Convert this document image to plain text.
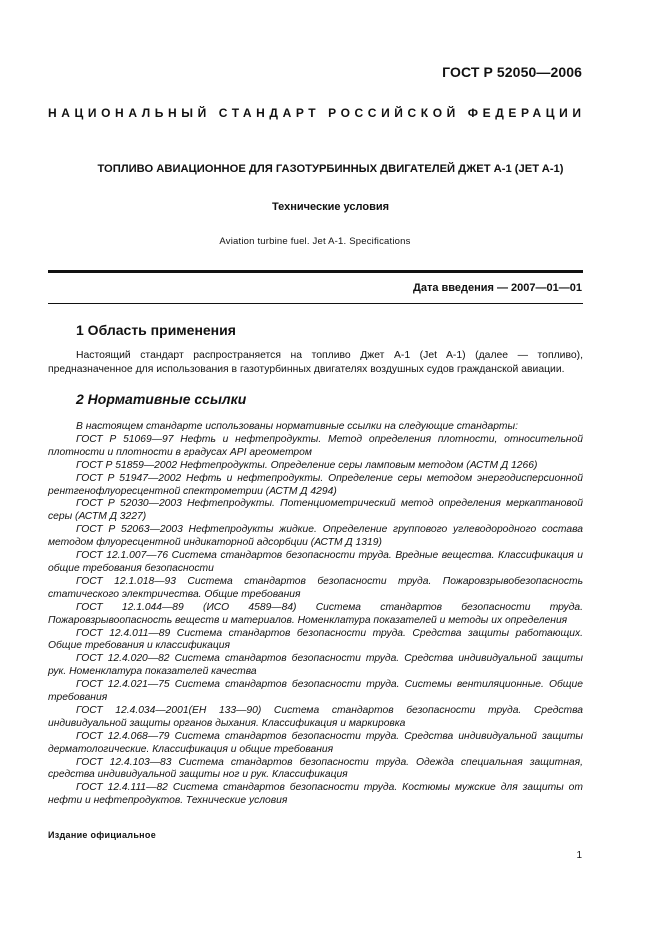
ГОСТ Р 52050—2006
НАЦИОНАЛЬНЫЙ СТАНДАРТ РОССИЙСКОЙ ФЕДЕРАЦИИ
ТОПЛИВО АВИАЦИОННОЕ ДЛЯ ГАЗОТУРБИННЫХ ДВИГАТЕЛЕЙ ДЖЕТ А-1 (JET A-1)
Технические условия
Aviation turbine fuel. Jet A-1. Specifications
Дата введения — 2007—01—01
1 Область применения
Настоящий стандарт распространяется на топливо Джет А-1 (Jet A-1) (далее — топливо), предназначенное для использования в газотурбинных двигателях воздушных судов гражданской авиации.
2 Нормативные ссылки

В настоящем стандарте использованы нормативные ссылки на следующие стандарты:

ГОСТ Р 51069—97 Нефть и нефтепродукты. Метод определения плотности, относительной плотности и плотности в градусах API ареометром

ГОСТ Р 51859—2002 Нефтепродукты. Определение серы ламповым методом (АСТМ Д 1266)

ГОСТ Р 51947—2002 Нефть и нефтепродукты. Определение серы методом энергодисперсионной рентгенофлуоресцентной спектрометрии (АСТМ Д 4294)

ГОСТ Р 52030—2003 Нефтепродукты. Потенциометрический метод определения меркаптановой серы (АСТМ Д 3227)

ГОСТ Р 52063—2003 Нефтепродукты жидкие. Определение группового углеводородного состава методом флуоресцентной индикаторной адсорбции (АСТМ Д 1319)

ГОСТ 12.1.007—76 Система стандартов безопасности труда. Вредные вещества. Классификация и общие требования безопасности

ГОСТ 12.1.018—93 Система стандартов безопасности труда. Пожаровзрывобезопасность статического электричества. Общие требования

ГОСТ 12.1.044—89 (ИСО 4589—84) Система стандартов безопасности труда. Пожаровзрывоопасность веществ и материалов. Номенклатура показателей и методы их определения

ГОСТ 12.4.011—89 Система стандартов безопасности труда. Средства защиты работающих. Общие требования и классификация

ГОСТ 12.4.020—82 Система стандартов безопасности труда. Средства индивидуальной защиты рук. Номенклатура показателей качества

ГОСТ 12.4.021—75 Система стандартов безопасности труда. Системы вентиляционные. Общие требования

ГОСТ 12.4.034—2001(ЕН 133—90) Система стандартов безопасности труда. Средства индивидуальной защиты органов дыхания. Классификация и маркировка

ГОСТ 12.4.068—79 Система стандартов безопасности труда. Средства индивидуальной защиты дерматологические. Классификация и общие требования

ГОСТ 12.4.103—83 Система стандартов безопасности труда. Одежда специальная защитная, средства индивидуальной защиты ног и рук. Классификация

ГОСТ 12.4.111—82 Система стандартов безопасности труда. Костюмы мужские для защиты от нефти и нефтепродуктов. Технические условия

Издание официальное
1
